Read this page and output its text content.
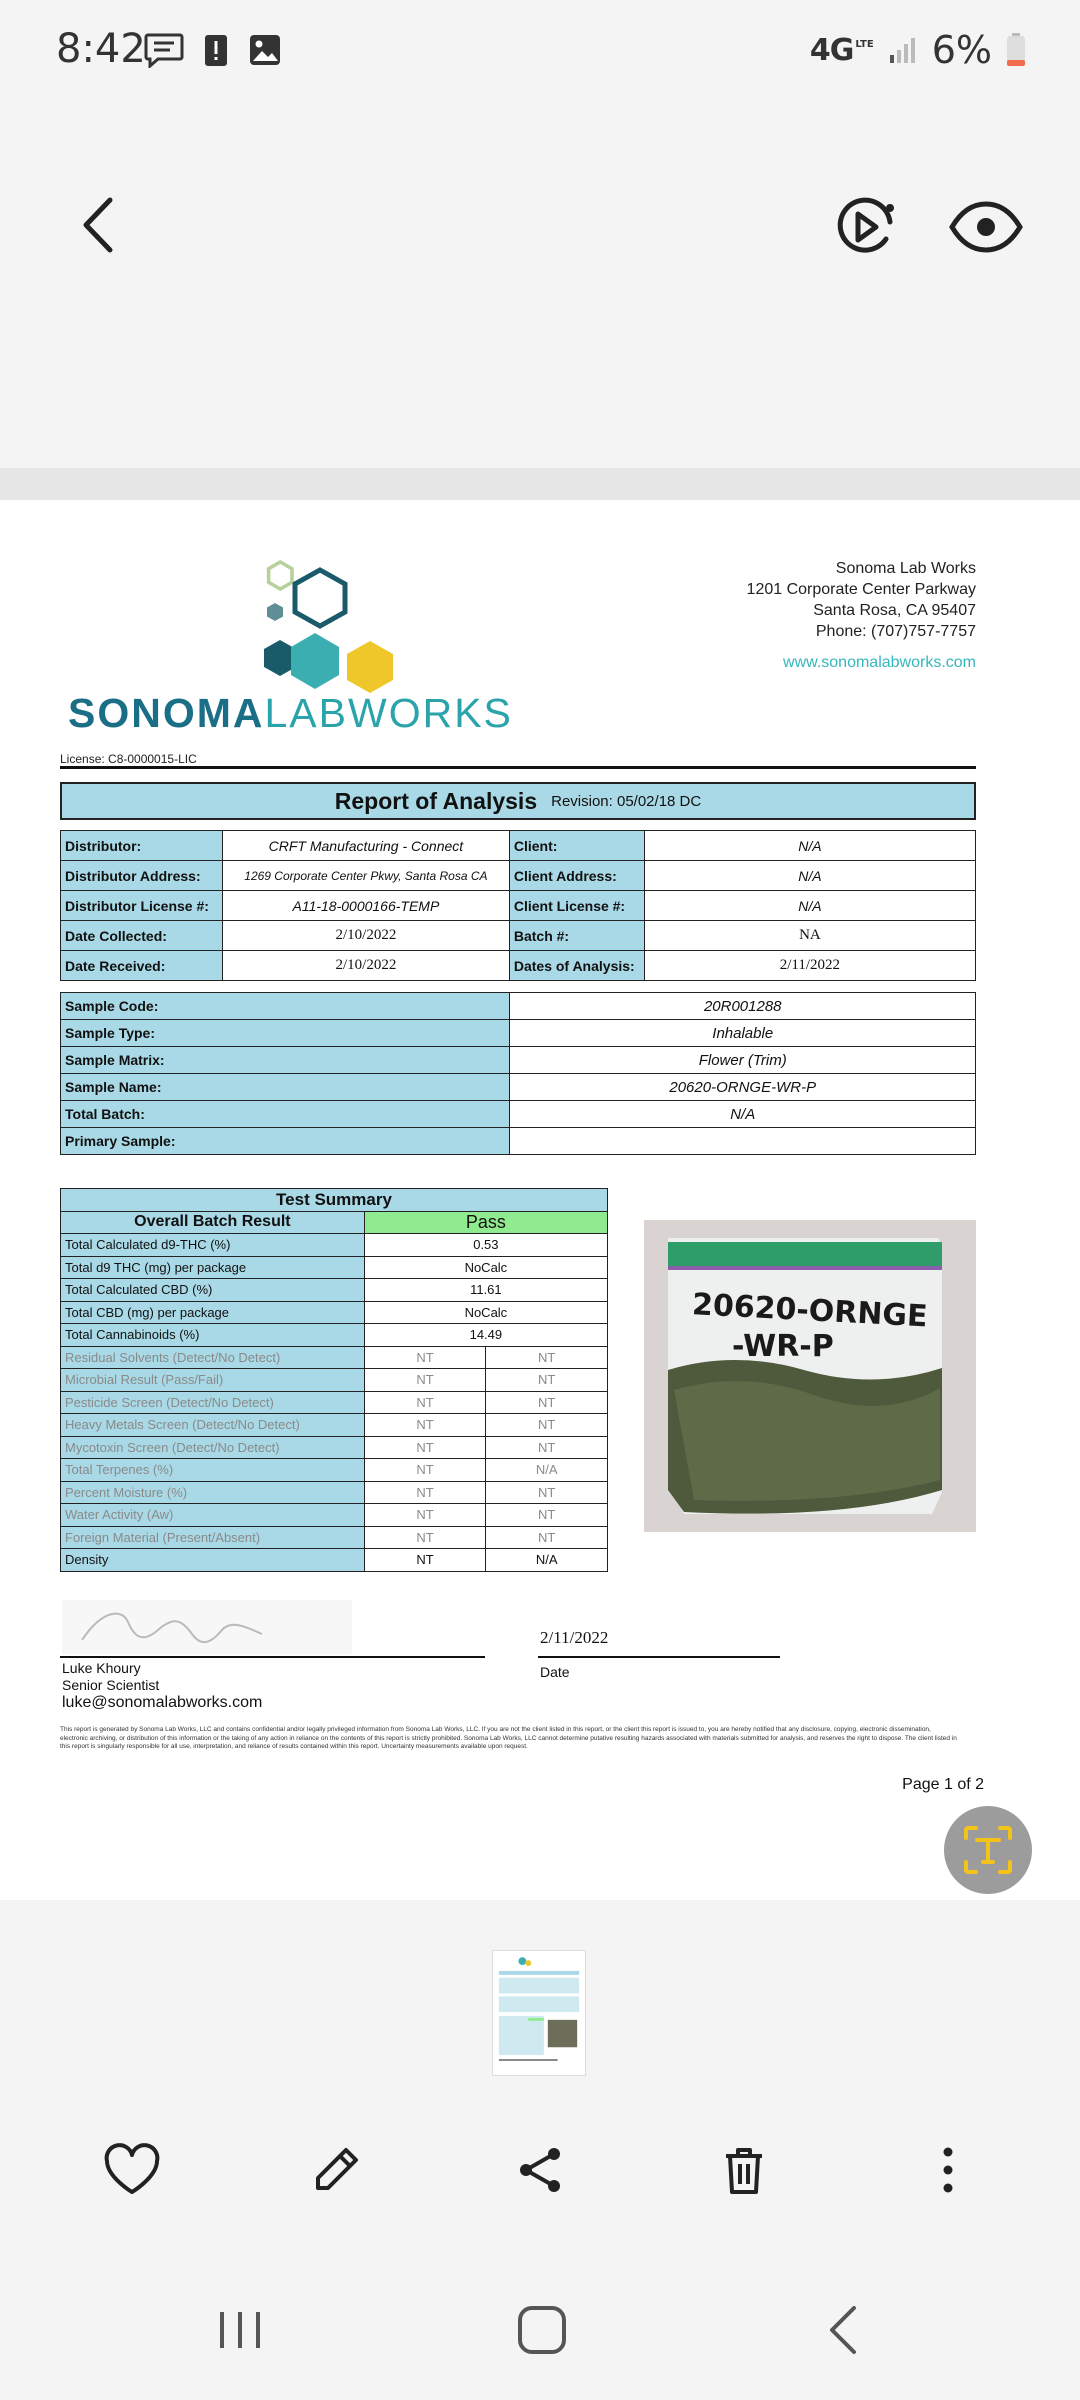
8:42	4G LTE 6%
SONOMALABWORKS
Sonoma Lab Works
1201 Corporate Center Parkway
Santa Rosa, CA 95407
Phone: (707)757-7757
www.sonomalabworks.com
License: C8-0000015-LIC
Report of Analysis Revision: 05/02/18 DC
Distributor:	CRFT Manufacturing - Connect	Client:	N/A
Distributor Address:	1269 Corporate Center Pkwy, Santa Rosa CA	Client Address:	N/A
Distributor License #:	A11-18-0000166-TEMP	Client License #:	N/A
Date Collected:	2/10/2022	Batch #:	NA
Date Received:	2/10/2022	Dates of Analysis:	2/11/2022
Sample Code:	20R001288
Sample Type:	Inhalable
Sample Matrix:	Flower (Trim)
Sample Name:	20620-ORNGE-WR-P
Total Batch:	N/A
Primary Sample:	
Test Summary		
Overall Batch Result	Pass	
Total Calculated d9-THC (%)	0.53	
Total d9 THC (mg) per package	NoCalc	
Total Calculated CBD (%)	11.61	
Total CBD (mg) per package	NoCalc	
Total Cannabinoids (%)	14.49	
Residual Solvents (Detect/No Detect)	NT	NT
Microbial Result (Pass/Fail)	NT	NT
Pesticide Screen (Detect/No Detect)	NT	NT
Heavy Metals Screen (Detect/No Detect)	NT	NT
Mycotoxin Screen (Detect/No Detect)	NT	NT
Total Terpenes (%)	NT	N/A
Percent Moisture (%)	NT	NT
Water Activity (Aw)	NT	NT
Foreign Material (Present/Absent)	NT	NT
Density	NT	N/A
20620-ORNGE
-WR-P
Luke Khoury
Senior Scientist
luke@sonomalabworks.com
2/11/2022
Date
This report is generated by Sonoma Lab Works, LLC and contains confidential and/or legally privileged information from Sonoma Lab Works, LLC. If you are not the client listed in this report, or the client this report is issued to, you are hereby notified that any disclosure, copying, electronic dissemination, electronic archiving, or distribution of this information or the taking of any action in reliance on the contents of this report is strictly prohibited. Sonoma Lab Works, LLC cannot determine putative resulting hazards associated with materials submitted for analysis, and reserves the right to dispose. The client listed in this report is singularly responsible for all use, interpretation, and reliance of results contained within this report. Uncertainty measurements available upon request.
Page 1 of 2
